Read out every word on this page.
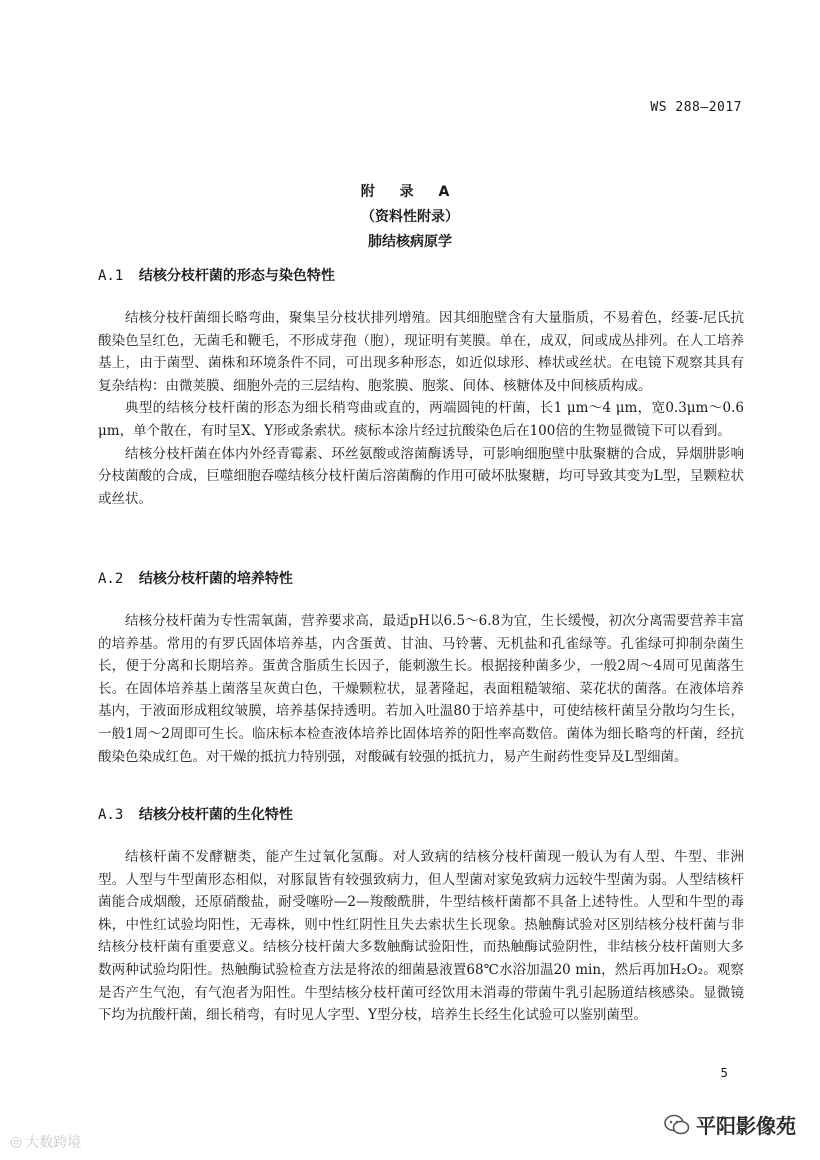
WS 288—2017
附 录 A
（资料性附录）
肺结核病原学

A.1 结核分枝杆菌的形态与染色特性

结核分枝杆菌细长略弯曲，聚集呈分枝状排列增殖。因其细胞壁含有大量脂质，不易着色，经萋-尼氏抗酸染色呈红色，无菌毛和鞭毛，不形成芽孢（胞），现证明有荚膜。单在，成双，间或成丛排列。在人工培养基上，由于菌型、菌株和环境条件不同，可出现多种形态，如近似球形、棒状或丝状。在电镜下观察其具有复杂结构：由微荚膜、细胞外壳的三层结构、胞浆膜、胞浆、间体、核糖体及中间核质构成。

典型的结核分枝杆菌的形态为细长稍弯曲或直的，两端圆钝的杆菌，长1 μm～4 μm，宽0.3μm～0.6 μm，单个散在，有时呈X、Y形或条索状。痰标本涂片经过抗酸染色后在100倍的生物显微镜下可以看到。

结核分枝杆菌在体内外经青霉素、环丝氨酸或溶菌酶诱导，可影响细胞壁中肽聚糖的合成，异烟肼影响分枝菌酸的合成，巨噬细胞吞噬结核分枝杆菌后溶菌酶的作用可破坏肽聚糖，均可导致其变为L型，呈颗粒状或丝状。

A.2 结核分枝杆菌的培养特性

结核分枝杆菌为专性需氧菌，营养要求高，最适pH以6.5～6.8为宜，生长缓慢，初次分离需要营养丰富的培养基。常用的有罗氏固体培养基，内含蛋黄、甘油、马铃薯、无机盐和孔雀绿等。孔雀绿可抑制杂菌生长，便于分离和长期培养。蛋黄含脂质生长因子，能刺激生长。根据接种菌多少，一般2周～4周可见菌落生长。在固体培养基上菌落呈灰黄白色，干燥颗粒状，显著隆起，表面粗糙皱缩、菜花状的菌落。在液体培养基内，于液面形成粗纹皱膜，培养基保持透明。若加入吐温80于培养基中，可使结核杆菌呈分散均匀生长，一般1周～2周即可生长。临床标本检查液体培养比固体培养的阳性率高数倍。菌体为细长略弯的杆菌，经抗酸染色染成红色。对干燥的抵抗力特别强，对酸碱有较强的抵抗力，易产生耐药性变异及L型细菌。

A.3 结核分枝杆菌的生化特性

结核杆菌不发酵糖类，能产生过氧化氢酶。对人致病的结核分枝杆菌现一般认为有人型、牛型、非洲型。人型与牛型菌形态相似，对豚鼠皆有较强致病力，但人型菌对家兔致病力远较牛型菌为弱。人型结核杆菌能合成烟酸，还原硝酸盐，耐受噻吩—2—羧酸酰肼，牛型结核杆菌都不具备上述特性。人型和牛型的毒株，中性红试验均阳性，无毒株，则中性红阴性且失去索状生长现象。热触酶试验对区别结核分枝杆菌与非结核分枝杆菌有重要意义。结核分枝杆菌大多数触酶试验阳性，而热触酶试验阴性，非结核分枝杆菌则大多数两种试验均阳性。热触酶试验检查方法是将浓的细菌悬液置68℃水浴加温20 min，然后再加H₂O₂。观察是否产生气泡，有气泡者为阳性。牛型结核分枝杆菌可经饮用未消毒的带菌牛乳引起肠道结核感染。显微镜下均为抗酸杆菌，细长稍弯，有时见人字型、Y型分枝，培养生长经生化试验可以鉴别菌型。

5
◎ 大数跨境
平阳影像苑
